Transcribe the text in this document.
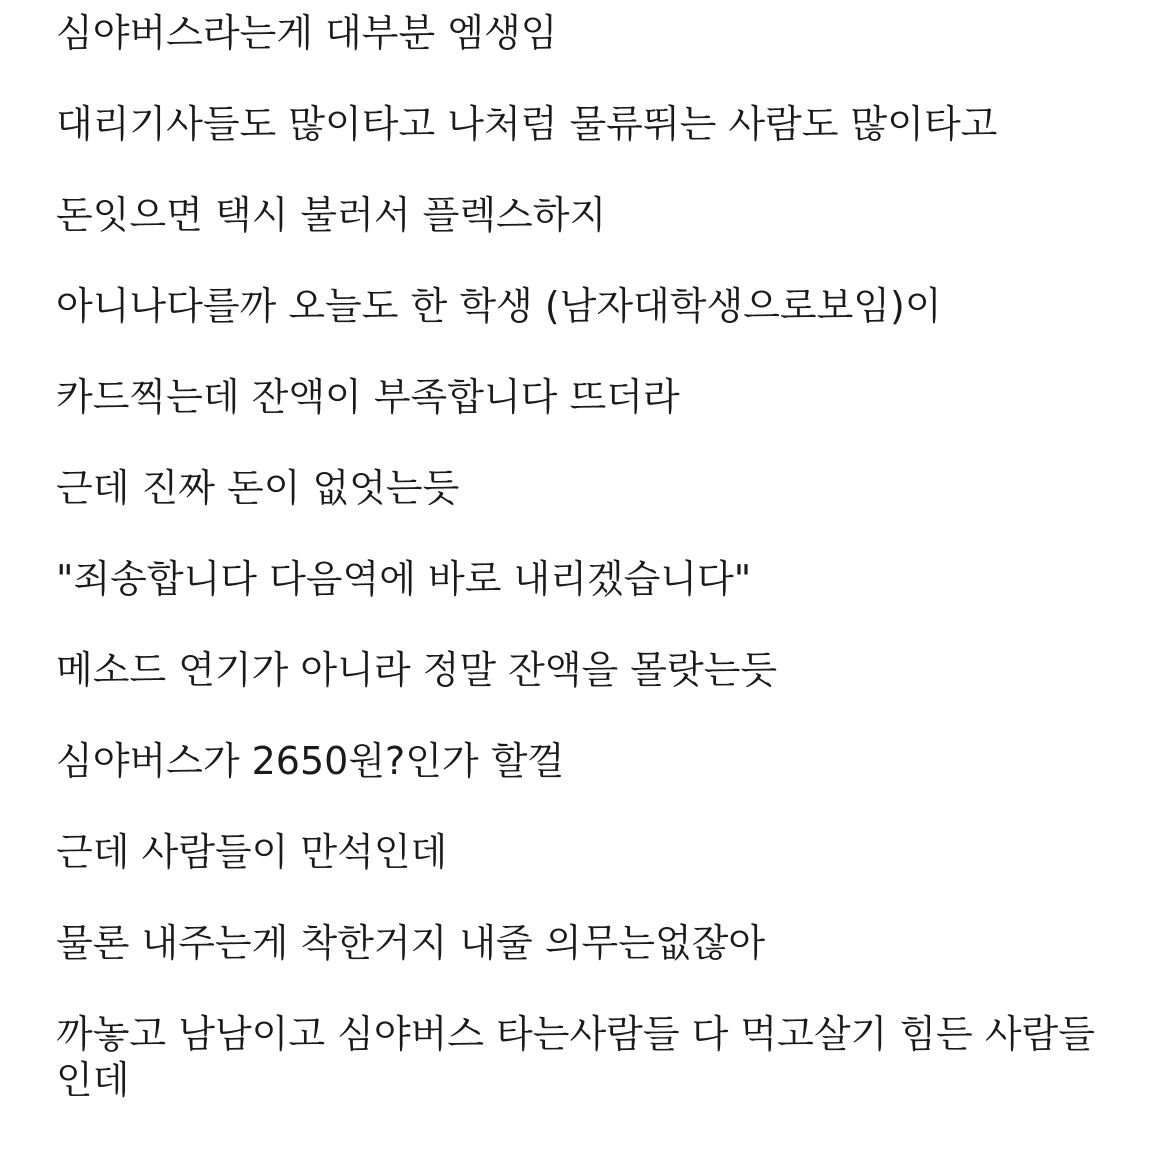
심야버스라는게 대부분 엠생임
대리기사들도 많이타고 나처럼 물류뛰는 사람도 많이타고
돈잇으면 택시 불러서 플렉스하지
아니나다를까 오늘도 한 학생 (남자대학생으로보임)이
카드찍는데 잔액이 부족합니다 뜨더라
근데 진짜 돈이 없엇는듯
"죄송합니다 다음역에 바로 내리겠습니다"
메소드 연기가 아니라 정말 잔액을 몰랏는듯
심야버스가 2650원?인가 할껄
근데 사람들이 만석인데
물론 내주는게 착한거지 내줄 의무는없잖아
까놓고 남남이고 심야버스 타는사람들 다 먹고살기 힘든 사람들인데
